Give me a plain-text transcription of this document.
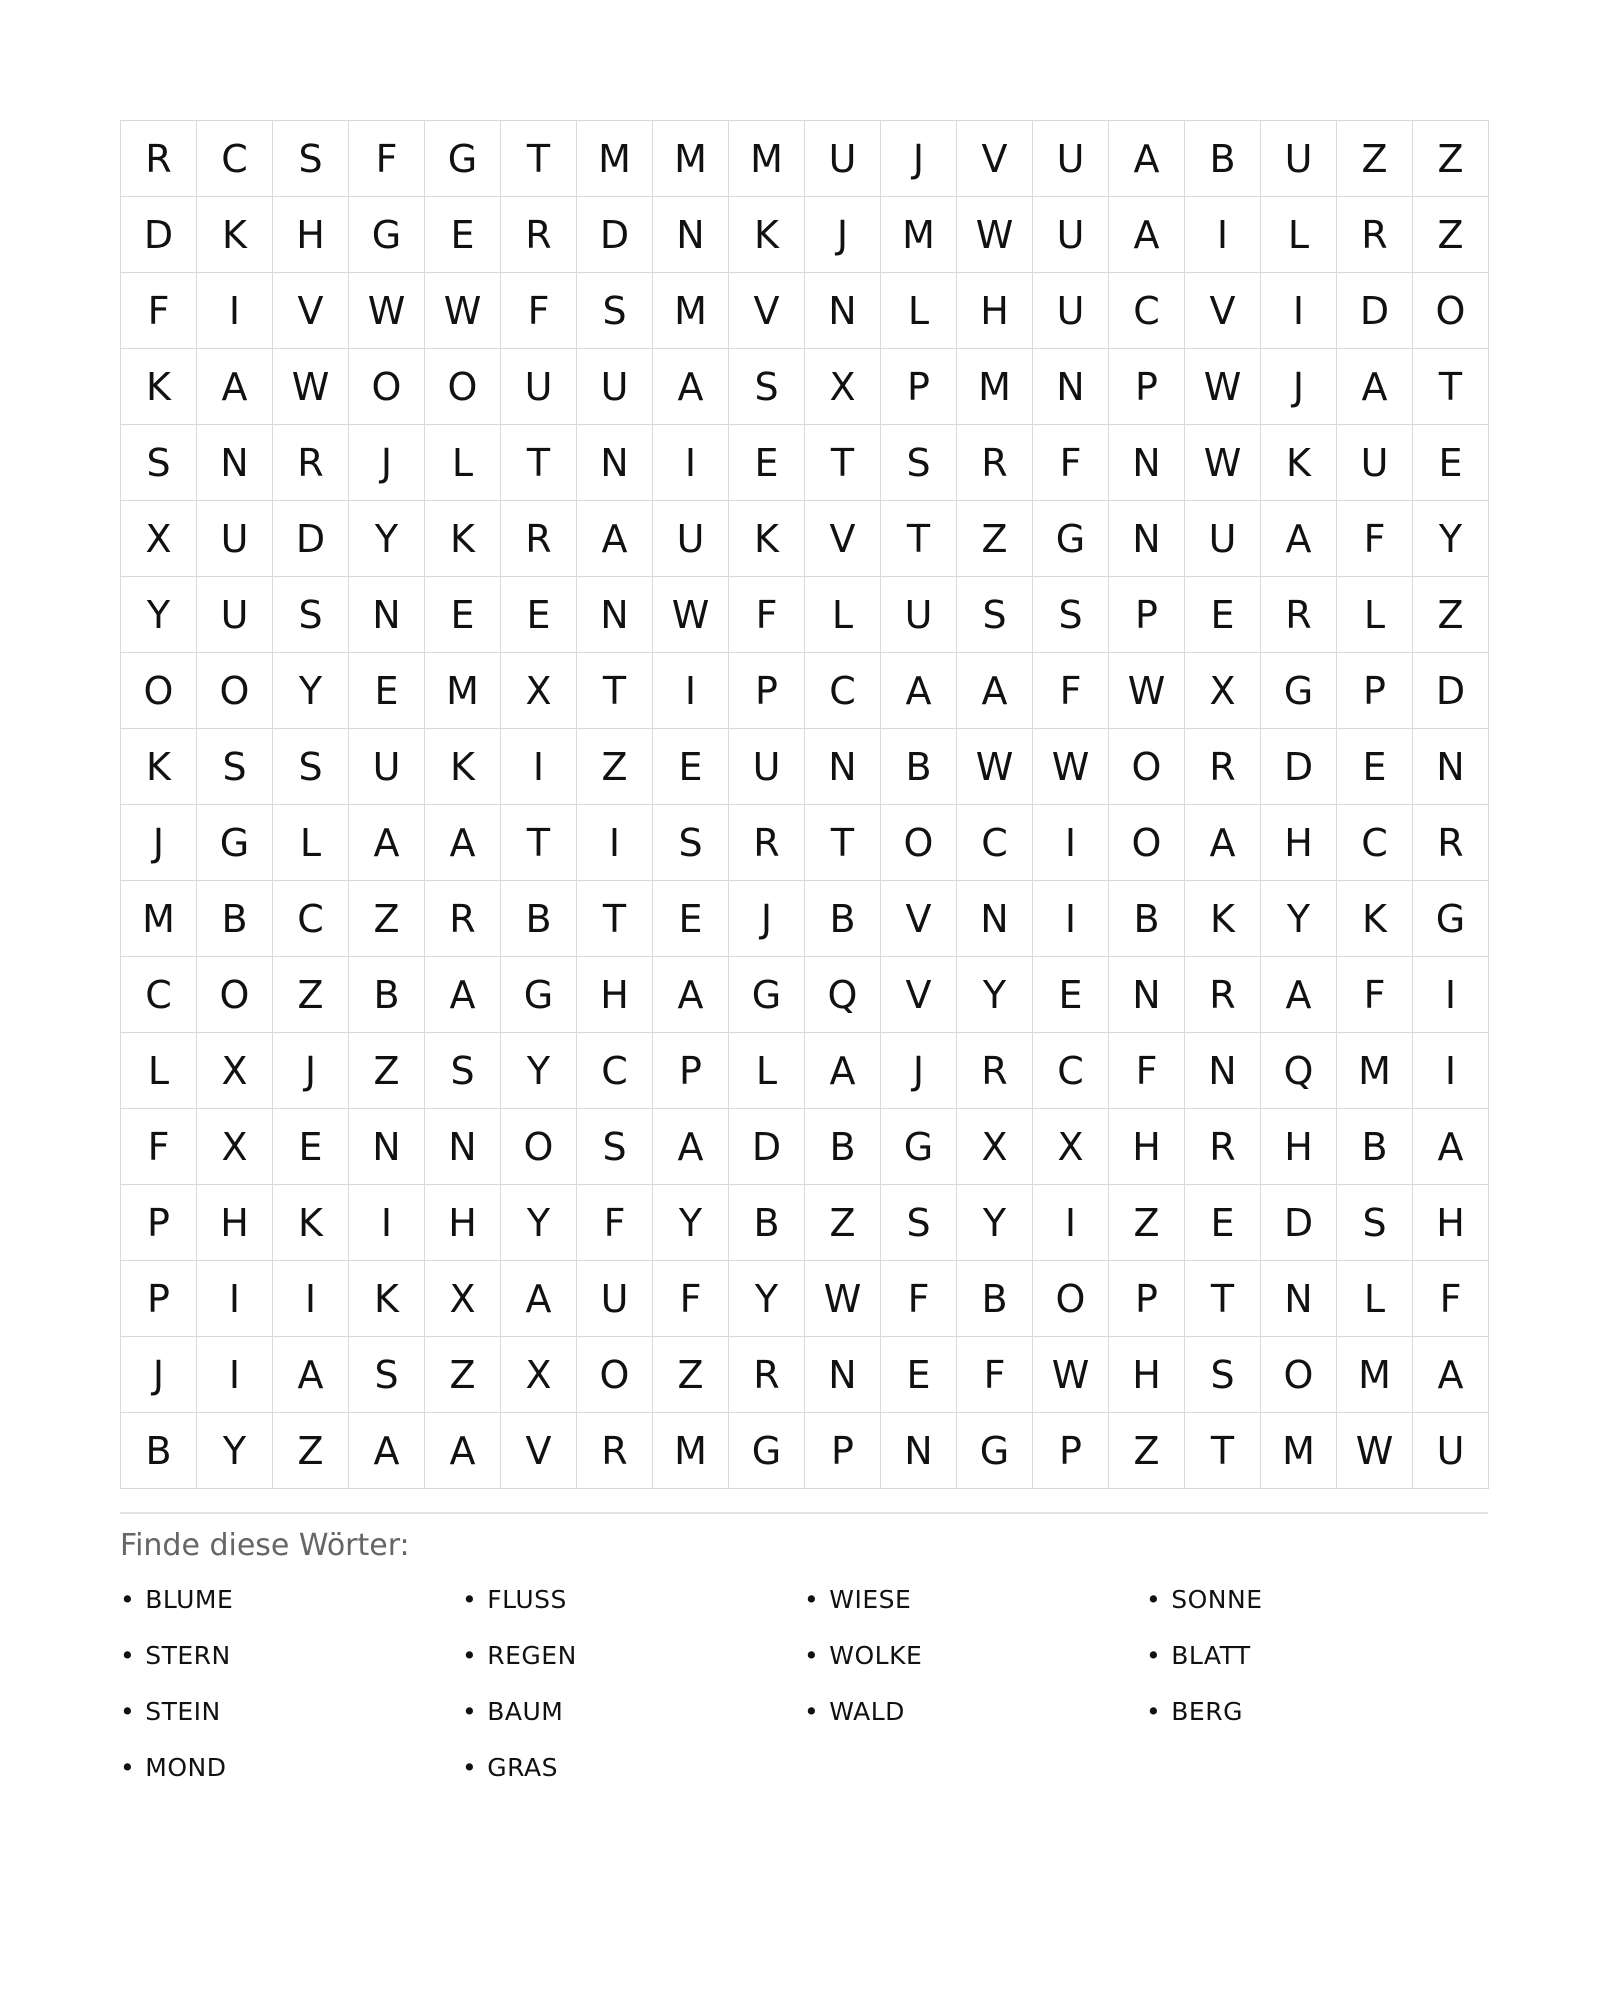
R	C	S	F	G	T	M	M	M	U	J	V	U	A	B	U	Z	Z
D	K	H	G	E	R	D	N	K	J	M	W	U	A	I	L	R	Z
F	I	V	W	W	F	S	M	V	N	L	H	U	C	V	I	D	O
K	A	W	O	O	U	U	A	S	X	P	M	N	P	W	J	A	T
S	N	R	J	L	T	N	I	E	T	S	R	F	N	W	K	U	E
X	U	D	Y	K	R	A	U	K	V	T	Z	G	N	U	A	F	Y
Y	U	S	N	E	E	N	W	F	L	U	S	S	P	E	R	L	Z
O	O	Y	E	M	X	T	I	P	C	A	A	F	W	X	G	P	D
K	S	S	U	K	I	Z	E	U	N	B	W	W	O	R	D	E	N
J	G	L	A	A	T	I	S	R	T	O	C	I	O	A	H	C	R
M	B	C	Z	R	B	T	E	J	B	V	N	I	B	K	Y	K	G
C	O	Z	B	A	G	H	A	G	Q	V	Y	E	N	R	A	F	I
L	X	J	Z	S	Y	C	P	L	A	J	R	C	F	N	Q	M	I
F	X	E	N	N	O	S	A	D	B	G	X	X	H	R	H	B	A
P	H	K	I	H	Y	F	Y	B	Z	S	Y	I	Z	E	D	S	H
P	I	I	K	X	A	U	F	Y	W	F	B	O	P	T	N	L	F
J	I	A	S	Z	X	O	Z	R	N	E	F	W	H	S	O	M	A
B	Y	Z	A	A	V	R	M	G	P	N	G	P	Z	T	M	W	U
Finde diese Wörter:
• BLUME
• STERN
• STEIN
• MOND
• FLUSS
• REGEN
• BAUM
• GRAS
• WIESE
• WOLKE
• WALD
• SONNE
• BLATT
• BERG
